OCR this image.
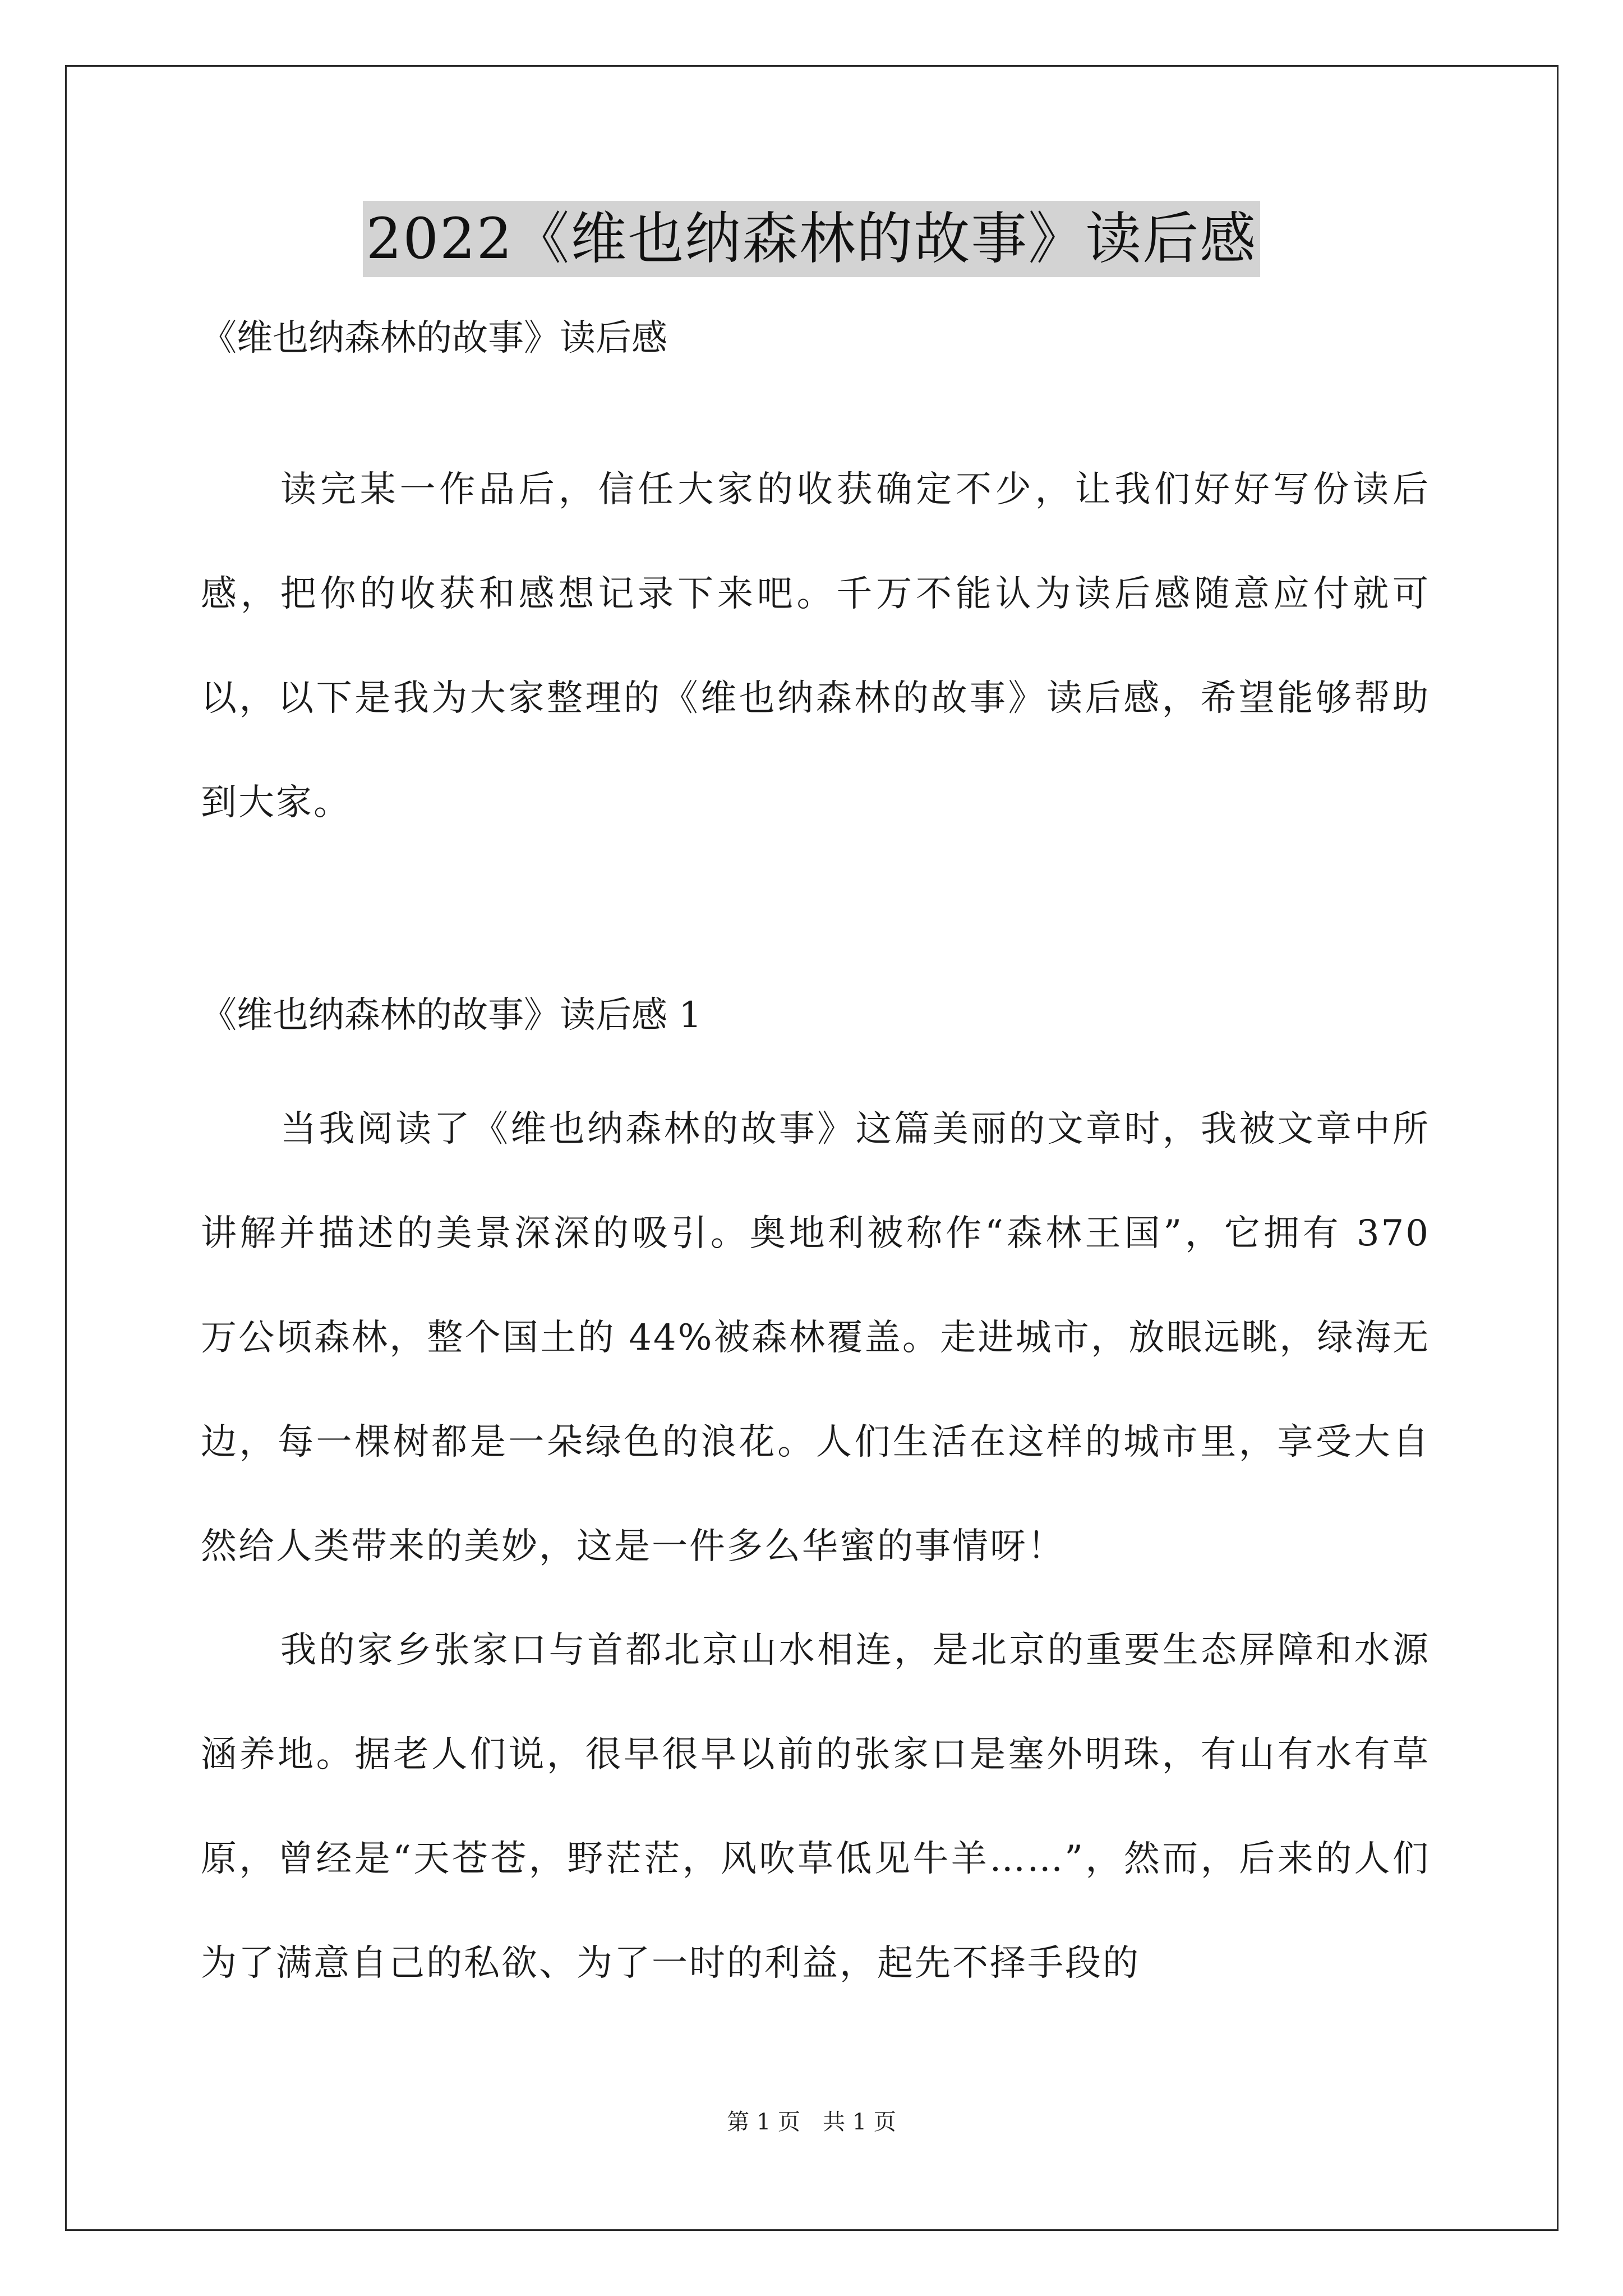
2022《维也纳森林的故事》读后感
《维也纳森林的故事》读后感

读完某一作品后，信任大家的收获确定不少，让我们好好写份读后感，把你的收获和感想记录下来吧。千万不能认为读后感随意应付就可以，以下是我为大家整理的《维也纳森林的故事》读后感，希望能够帮助到大家。

《维也纳森林的故事》读后感 1

当我阅读了《维也纳森林的故事》这篇美丽的文章时，我被文章中所讲解并描述的美景深深的吸引。奥地利被称作“森林王国”，它拥有 370 万公顷森林，整个国土的 44%被森林覆盖。走进城市，放眼远眺，绿海无边，每一棵树都是一朵绿色的浪花。人们生活在这样的城市里，享受大自然给人类带来的美妙，这是一件多么华蜜的事情呀！

我的家乡张家口与首都北京山水相连，是北京的重要生态屏障和水源涵养地。据老人们说，很早很早以前的张家口是塞外明珠，有山有水有草原，曾经是“天苍苍，野茫茫，风吹草低见牛羊……”，然而，后来的人们为了满意自己的私欲、为了一时的利益，起先不择手段的

第 1 页　共 1 页
